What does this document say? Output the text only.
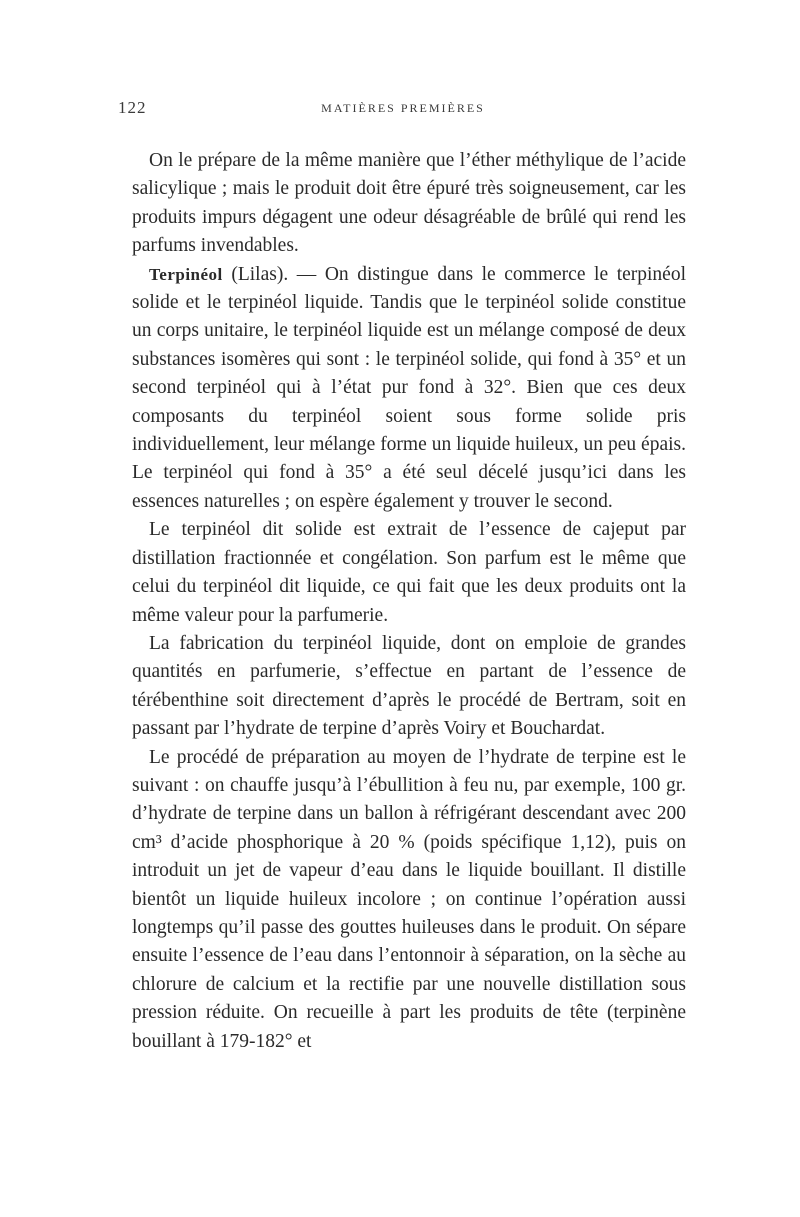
122	MATIÈRES PREMIÈRES

On le prépare de la même manière que l’éther méthylique de l’acide salicylique ; mais le produit doit être épuré très soigneusement, car les produits impurs dégagent une odeur désagréable de brûlé qui rend les parfums invendables.

Terpinéol (Lilas). — On distingue dans le commerce le terpinéol solide et le terpinéol liquide. Tandis que le terpinéol solide constitue un corps unitaire, le terpinéol liquide est un mélange composé de deux substances isomères qui sont : le terpinéol solide, qui fond à 35° et un second terpinéol qui à l’état pur fond à 32°. Bien que ces deux composants du terpinéol soient sous forme solide pris individuellement, leur mélange forme un liquide huileux, un peu épais. Le terpinéol qui fond à 35° a été seul décelé jusqu’ici dans les essences naturelles ; on espère également y trouver le second.

Le terpinéol dit solide est extrait de l’essence de cajeput par distillation fractionnée et congélation. Son parfum est le même que celui du terpinéol dit liquide, ce qui fait que les deux produits ont la même valeur pour la parfumerie.

La fabrication du terpinéol liquide, dont on emploie de grandes quantités en parfumerie, s’effectue en partant de l’essence de térébenthine soit directement d’après le procédé de Bertram, soit en passant par l’hydrate de terpine d’après Voiry et Bouchardat.

Le procédé de préparation au moyen de l’hydrate de terpine est le suivant : on chauffe jusqu’à l’ébullition à feu nu, par exemple, 100 gr. d’hydrate de terpine dans un ballon à réfrigérant descendant avec 200 cm³ d’acide phosphorique à 20 % (poids spécifique 1,12), puis on introduit un jet de vapeur d’eau dans le liquide bouillant. Il distille bientôt un liquide huileux incolore ; on continue l’opération aussi longtemps qu’il passe des gouttes huileuses dans le produit. On sépare ensuite l’essence de l’eau dans l’entonnoir à séparation, on la sèche au chlorure de calcium et la rectifie par une nouvelle distillation sous pression réduite. On recueille à part les produits de tête (terpinène bouillant à 179-182° et
